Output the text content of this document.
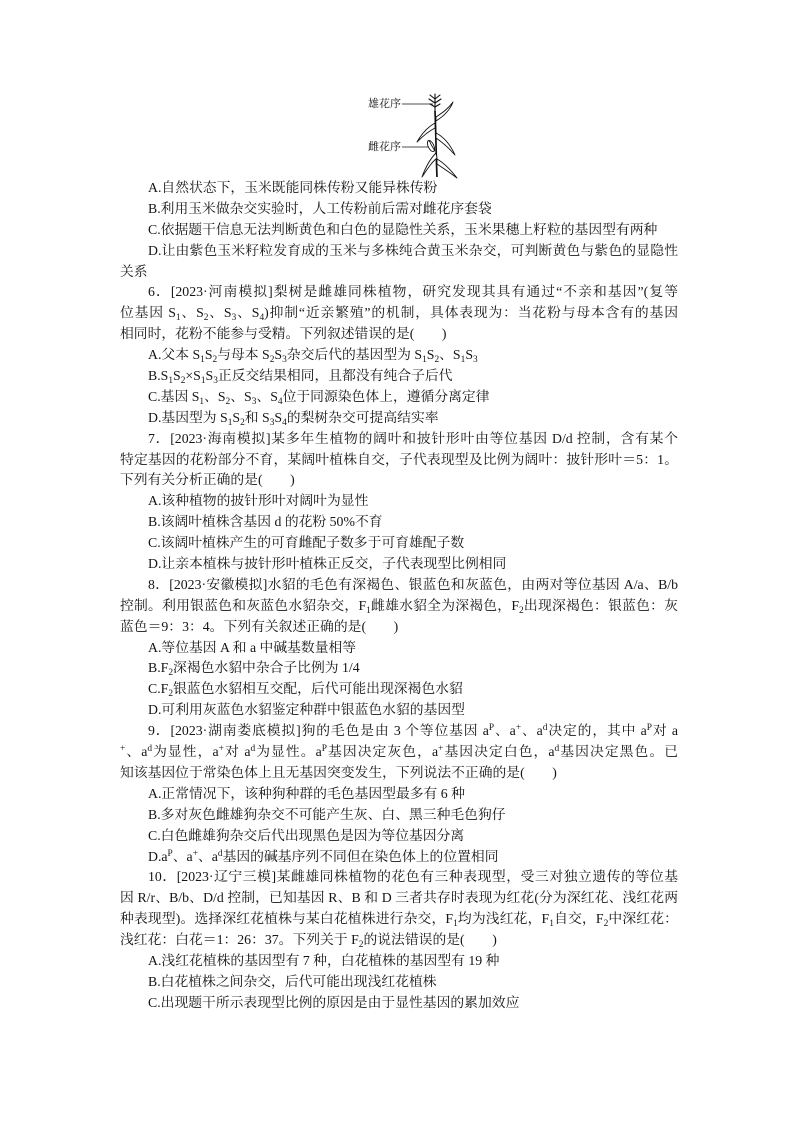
雄花序
雌花序
A.自然状态下，玉米既能同株传粉又能异株传粉
B.利用玉米做杂交实验时，人工传粉前后需对雌花序套袋
C.依据题干信息无法判断黄色和白色的显隐性关系，玉米果穗上籽粒的基因型有两种
D.让由紫色玉米籽粒发育成的玉米与多株纯合黄玉米杂交，可判断黄色与紫色的显隐性
关系
6．[2023·河南模拟]梨树是雌雄同株植物，研究发现其具有通过“不亲和基因”(复等
位基因 $S_1$、$S_2$、$S_3$、$S_4$)抑制“近亲繁殖”的机制，具体表现为：当花粉与母本含有的基因
相同时，花粉不能参与受精。下列叙述错误的是(　　)
A.父本 $S_1S_2$与母本 $S_2S_3$杂交后代的基因型为 $S_1S_2$、$S_1S_3$
$B.S_1S_2\times S_1S_3$正反交结果相同，且都没有纯合子后代
C.基因 $S_1$、$S_2$、$S_3$、$S_4$位于同源染色体上，遵循分离定律
D.基因型为 $S_1S_2$和 $S_3S_4$的梨树杂交可提高结实率
7．[2023·海南模拟]某多年生植物的阔叶和披针形叶由等位基因 D/d 控制，含有某个
特定基因的花粉部分不育，某阔叶植株自交，子代表现型及比例为阔叶：披针形叶＝5：1。
下列有关分析正确的是(　　)
A.该种植物的披针形叶对阔叶为显性
B.该阔叶植株含基因 d 的花粉 50%不育
C.该阔叶植株产生的可育雌配子数多于可育雄配子数
D.让亲本植株与披针形叶植株正反交，子代表现型比例相同
8．[2023·安徽模拟]水貂的毛色有深褐色、银蓝色和灰蓝色，由两对等位基因 A/a、B/b
控制。利用银蓝色和灰蓝色水貂杂交，$F_1$雌雄水貂全为深褐色，$F_2$出现深褐色：银蓝色：灰
蓝色＝9：3：4。下列有关叙述正确的是(　　)
A.等位基因 A 和 a 中碱基数量相等
$B.F_2$深褐色水貂中杂合子比例为 1/4
$C.F_2$银蓝色水貂相互交配，后代可能出现深褐色水貂
D.可利用灰蓝色水貂鉴定种群中银蓝色水貂的基因型
9．[2023·湖南娄底模拟]狗的毛色是由 3 个等位基因 $a^P$、a+、$a^d$决定的，其中 $a^P$对 a
+、$a^d$为显性，a+对 $a^d$为显性。$a^P$基因决定灰色，a+基因决定白色，$a^d$基因决定黑色。已
知该基因位于常染色体上且无基因突变发生，下列说法不正确的是(　　)
A.正常情况下，该种狗种群的毛色基因型最多有 6 种
B.多对灰色雌雄狗杂交不可能产生灰、白、黑三种毛色狗仔
C.白色雌雄狗杂交后代出现黑色是因为等位基因分离
$D.a^P$、a+、$a^d$基因的碱基序列不同但在染色体上的位置相同
10．[2023·辽宁三模]某雌雄同株植物的花色有三种表现型，受三对独立遗传的等位基
因 R/r、B/b、D/d 控制，已知基因 R、B 和 D 三者共存时表现为红花(分为深红花、浅红花两
种表现型)。选择深红花植株与某白花植株进行杂交，$F_1$均为浅红花，$F_1$自交，$F_2$中深红花：
浅红花：白花＝1：26：37。下列关于 $F_2$的说法错误的是(　　)
A.浅红花植株的基因型有 7 种，白花植株的基因型有 19 种
B.白花植株之间杂交，后代可能出现浅红花植株
C.出现题干所示表现型比例的原因是由于显性基因的累加效应
